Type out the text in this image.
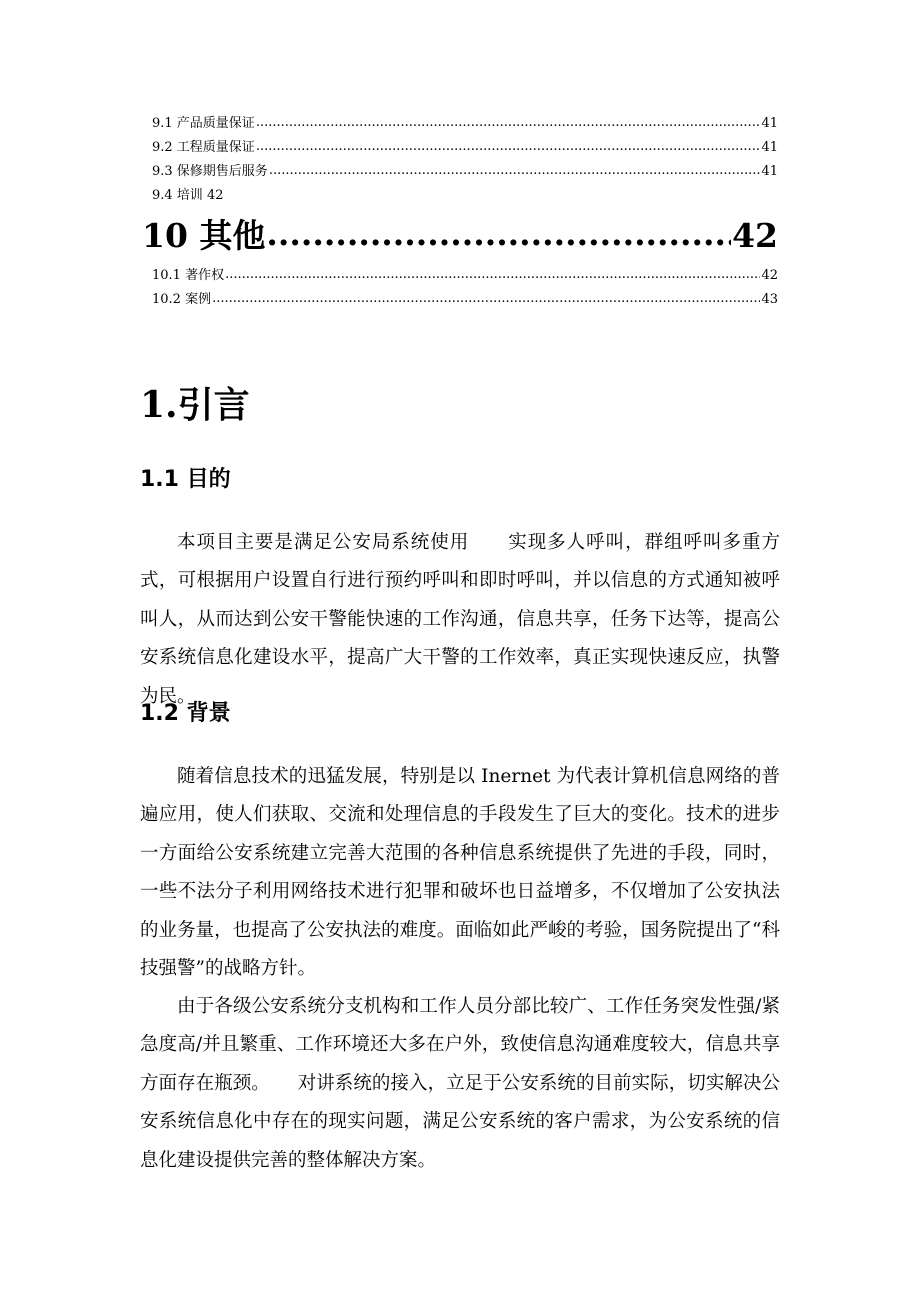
9.1 产品质量保证 .....	41
9.2 工程质量保证 .....	41
9.3 保修期售后服务 .....	41
9.4 培训 42
10 其他 .....	42
10.1 著作权 .....	42
10.2 案例 .....	43
1.引言
1.1 目的

本项目主要是满足公安局系统使用　　实现多人呼叫，群组呼叫多重方式，可根据用户设置自行进行预约呼叫和即时呼叫，并以信息的方式通知被呼叫人，从而达到公安干警能快速的工作沟通，信息共享，任务下达等，提高公安系统信息化建设水平，提高广大干警的工作效率，真正实现快速反应，执警为民。

1.2 背景

随着信息技术的迅猛发展，特别是以 Inernet 为代表计算机信息网络的普遍应用，使人们获取、交流和处理信息的手段发生了巨大的变化。技术的进步一方面给公安系统建立完善大范围的各种信息系统提供了先进的手段，同时，一些不法分子利用网络技术进行犯罪和破坏也日益增多，不仅增加了公安执法的业务量，也提高了公安执法的难度。面临如此严峻的考验，国务院提出了“科技强警”的战略方针。

由于各级公安系统分支机构和工作人员分部比较广、工作任务突发性强/紧急度高/并且繁重、工作环境还大多在户外，致使信息沟通难度较大，信息共享方面存在瓶颈。　　对讲系统的接入，立足于公安系统的目前实际，切实解决公安系统信息化中存在的现实问题，满足公安系统的客户需求，为公安系统的信息化建设提供完善的整体解决方案。
